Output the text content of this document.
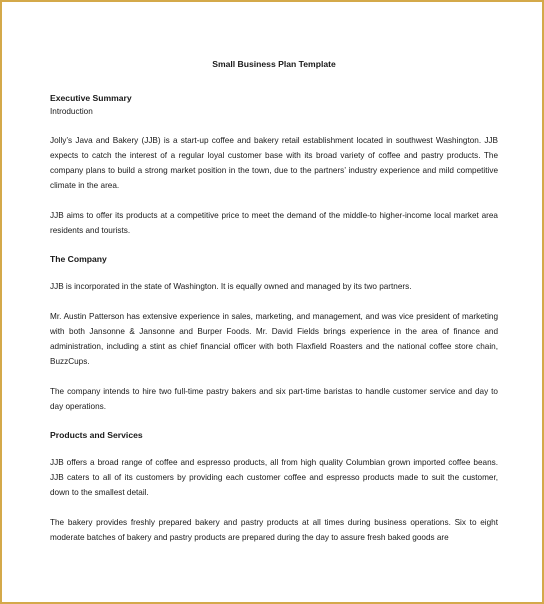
Small Business Plan Template
Executive Summary
Introduction

Jolly’s Java and Bakery (JJB) is a start-up coffee and bakery retail establishment located in southwest Washington. JJB expects to catch the interest of a regular loyal customer base with its broad variety of coffee and pastry products. The company plans to build a strong market position in the town, due to the partners’ industry experience and mild competitive climate in the area.

JJB aims to offer its products at a competitive price to meet the demand of the middle-to higher-income local market area residents and tourists.

The Company

JJB is incorporated in the state of Washington. It is equally owned and managed by its two partners.

Mr. Austin Patterson has extensive experience in sales, marketing, and management, and was vice president of marketing with both Jansonne & Jansonne and Burper Foods. Mr. David Fields brings experience in the area of finance and administration, including a stint as chief financial officer with both Flaxfield Roasters and the national coffee store chain, BuzzCups.

The company intends to hire two full-time pastry bakers and six part-time baristas to handle customer service and day to day operations.

Products and Services

JJB offers a broad range of coffee and espresso products, all from high quality Columbian grown imported coffee beans. JJB caters to all of its customers by providing each customer coffee and espresso products made to suit the customer, down to the smallest detail.

The bakery provides freshly prepared bakery and pastry products at all times during business operations. Six to eight moderate batches of bakery and pastry products are prepared during the day to assure fresh baked goods are
